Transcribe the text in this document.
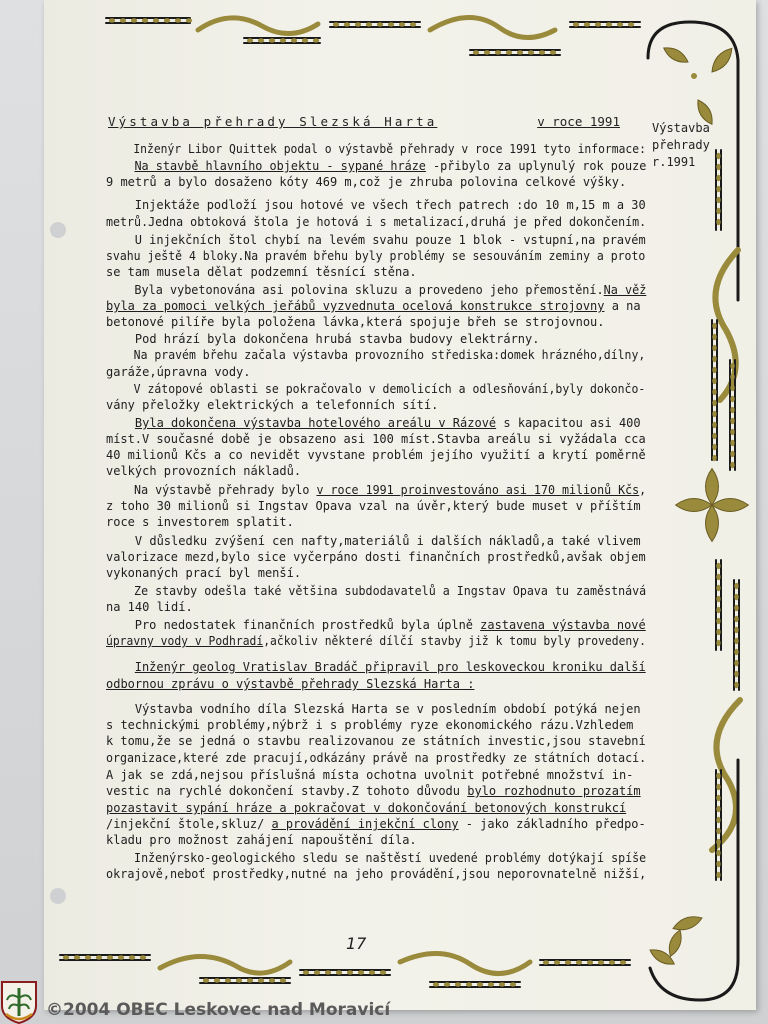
Výstavba přehrady Slezská Harta	v roce 1991	Výstavba
přehrady
r.1991
Inženýr Libor Quittek podal o výstavbě přehrady v roce 1991 tyto informace:
Na stavbě hlavního objektu - sypané hráze -přibylo za uplynulý rok pouze
9 metrů a bylo dosaženo kóty 469 m,což je zhruba polovina celkové výšky.
Injektáže podloží jsou hotové ve všech třech patrech :do 10 m,15 m a 30
metrů.Jedna obtoková štola je hotová i s metalizací,druhá je před dokončením.
U injekčních štol chybí na levém svahu pouze 1 blok - vstupní,na pravém
svahu ještě 4 bloky.Na pravém břehu byly problémy se sesouváním zeminy a proto
se tam musela dělat podzemní těsnící stěna.
Byla vybetonována asi polovina skluzu a provedeno jeho přemostění.Na věž
byla za pomoci velkých jeřábů vyzvednuta ocelová konstrukce strojovny a na
betonové pilíře byla položena lávka,která spojuje břeh se strojovnou.
Pod hrází byla dokončena hrubá stavba budovy elektrárny.
Na pravém břehu začala výstavba provozního střediska:domek hrázného,dílny,
garáže,úpravna vody.
V zátopové oblasti se pokračovalo v demolicích a odlesňování,byly dokončo-
vány přeložky elektrických a telefonních sítí.
Byla dokončena výstavba hotelového areálu v Rázové s kapacitou asi 400
míst.V současné době je obsazeno asi 100 míst.Stavba areálu si vyžádala cca
40 milionů Kčs a co nevidět vyvstane problém jejího využití a krytí poměrně
velkých provozních nákladů.
Na výstavbě přehrady bylo v roce 1991 proinvestováno asi 170 milionů Kčs,
z toho 30 milionů si Ingstav Opava vzal na úvěr,který bude muset v příštím
roce s investorem splatit.
V důsledku zvýšení cen nafty,materiálů i dalších nákladů,a také vlivem
valorizace mezd,bylo sice vyčerpáno dosti finančních prostředků,avšak objem
vykonaných prací byl menší.
Ze stavby odešla také většina subdodavatelů a Ingstav Opava tu zaměstnává
na 140 lidí.
Pro nedostatek finančních prostředků byla úplně zastavena výstavba nové
úpravny vody v Podhradí,ačkoliv některé dílčí stavby již k tomu byly provedeny.
Inženýr geolog Vratislav Bradáč připravil pro leskoveckou kroniku další
odbornou zprávu o výstavbě přehrady Slezská Harta :
Výstavba vodního díla Slezská Harta se v posledním období potýká nejen
s technickými problémy,nýbrž i s problémy ryze ekonomického rázu.Vzhledem
k tomu,že se jedná o stavbu realizovanou ze státních investic,jsou stavební
organizace,které zde pracují,odkázány právě na prostředky ze státních dotací.
A jak se zdá,nejsou příslušná místa ochotna uvolnit potřebné množství in-
vestic na rychlé dokončení stavby.Z tohoto důvodu bylo rozhodnuto prozatím
pozastavit sypání hráze a pokračovat v dokončování betonových konstrukcí
/injekční štole,skluz/ a provádění injekční clony - jako základního předpo-
kladu pro možnost zahájení napouštění díla.
Inženýrsko-geologického sledu se naštěstí uvedené problémy dotýkají spíše
okrajově,neboť prostředky,nutné na jeho provádění,jsou neporovnatelně nižší,
17
©2004 OBEC Leskovec nad Moravicí
